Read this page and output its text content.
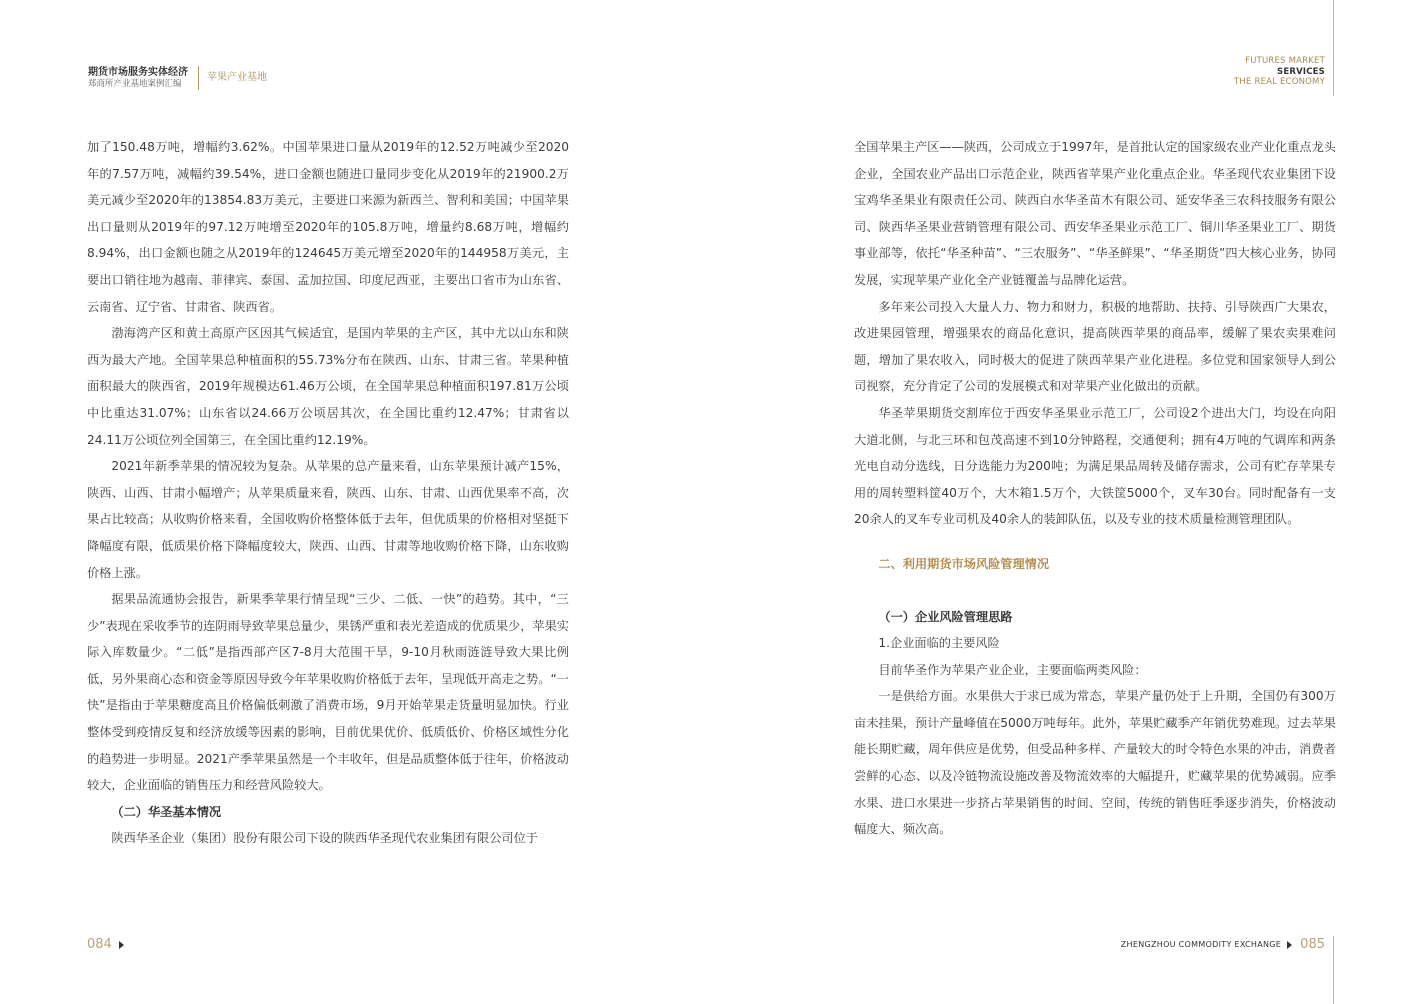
期货市场服务实体经济
郑商所产业基地案例汇编
苹果产业基地

加了150.48万吨，增幅约3.62%。中国苹果进口量从2019年的12.52万吨减少至2020年的7.57万吨，减幅约39.54%，进口金额也随进口量同步变化从2019年的21900.2万美元减少至2020年的13854.83万美元，主要进口来源为新西兰、智利和美国；中国苹果出口量则从2019年的97.12万吨增至2020年的105.8万吨，增量约8.68万吨，增幅约8.94%，出口金额也随之从2019年的124645万美元增至2020年的144958万美元，主要出口销往地为越南、菲律宾、泰国、孟加拉国、印度尼西亚，主要出口省市为山东省、云南省、辽宁省、甘肃省、陕西省。

渤海湾产区和黄土高原产区因其气候适宜，是国内苹果的主产区，其中尤以山东和陕西为最大产地。全国苹果总种植面积的55.73%分布在陕西、山东、甘肃三省。苹果种植面积最大的陕西省，2019年规模达61.46万公顷，在全国苹果总种植面积197.81万公顷中比重达31.07%；山东省以24.66万公顷居其次，在全国比重约12.47%；甘肃省以24.11万公顷位列全国第三，在全国比重约12.19%。

2021年新季苹果的情况较为复杂。从苹果的总产量来看，山东苹果预计减产15%，陕西、山西、甘肃小幅增产；从苹果质量来看，陕西、山东、甘肃、山西优果率不高，次果占比较高；从收购价格来看，全国收购价格整体低于去年，但优质果的价格相对坚挺下降幅度有限，低质果价格下降幅度较大，陕西、山西、甘肃等地收购价格下降，山东收购价格上涨。

据果品流通协会报告，新果季苹果行情呈现“三少、二低、一快”的趋势。其中，“三少”表现在采收季节的连阴雨导致苹果总量少，果锈严重和表光差造成的优质果少，苹果实际入库数量少。“二低”是指西部产区7-8月大范围干旱，9-10月秋雨涟涟导致大果比例低，另外果商心态和资金等原因导致今年苹果收购价格低于去年，呈现低开高走之势。“一快”是指由于苹果糖度高且价格偏低刺激了消费市场，9月开始苹果走货量明显加快。行业整体受到疫情反复和经济放缓等因素的影响，目前优果优价、低质低价、价格区域性分化的趋势进一步明显。2021产季苹果虽然是一个丰收年，但是品质整体低于往年，价格波动较大，企业面临的销售压力和经营风险较大。

（二）华圣基本情况

陕西华圣企业（集团）股份有限公司下设的陕西华圣现代农业集团有限公司位于

084
FUTURES MARKET
SERVICES
THE REAL ECONOMY

全国苹果主产区——陕西，公司成立于1997年，是首批认定的国家级农业产业化重点龙头企业，全国农业产品出口示范企业，陕西省苹果产业化重点企业。华圣现代农业集团下设宝鸡华圣果业有限责任公司、陕西白水华圣苗木有限公司、延安华圣三农科技服务有限公司、陕西华圣果业营销管理有限公司、西安华圣果业示范工厂、铜川华圣果业工厂、期货事业部等，依托“华圣种苗”、“三农服务”、“华圣鲜果”、“华圣期货”四大核心业务，协同发展，实现苹果产业化全产业链覆盖与品牌化运营。

多年来公司投入大量人力、物力和财力，积极的地帮助、扶持、引导陕西广大果农，改进果园管理，增强果农的商品化意识，提高陕西苹果的商品率，缓解了果农卖果难问题，增加了果农收入，同时极大的促进了陕西苹果产业化进程。多位党和国家领导人到公司视察，充分肯定了公司的发展模式和对苹果产业化做出的贡献。

华圣苹果期货交割库位于西安华圣果业示范工厂，公司设2个进出大门，均设在向阳大道北侧，与北三环和包茂高速不到10分钟路程，交通便利；拥有4万吨的气调库和两条光电自动分选线，日分选能力为200吨；为满足果品周转及储存需求，公司有贮存苹果专用的周转塑料筐40万个，大木箱1.5万个，大铁筐5000个，叉车30台。同时配备有一支20余人的叉车专业司机及40余人的装卸队伍，以及专业的技术质量检测管理团队。

二、利用期货市场风险管理情况

（一）企业风险管理思路

1.企业面临的主要风险

目前华圣作为苹果产业企业，主要面临两类风险：

一是供给方面。水果供大于求已成为常态，苹果产量仍处于上升期，全国仍有300万亩未挂果，预计产量峰值在5000万吨每年。此外，苹果贮藏季产年销优势难现。过去苹果能长期贮藏，周年供应是优势，但受品种多样、产量较大的时令特色水果的冲击，消费者尝鲜的心态、以及冷链物流设施改善及物流效率的大幅提升，贮藏苹果的优势减弱。应季水果、进口水果进一步挤占苹果销售的时间、空间，传统的销售旺季逐步消失，价格波动幅度大、频次高。

ZHENGZHOU COMMODITY EXCHANGE 085
